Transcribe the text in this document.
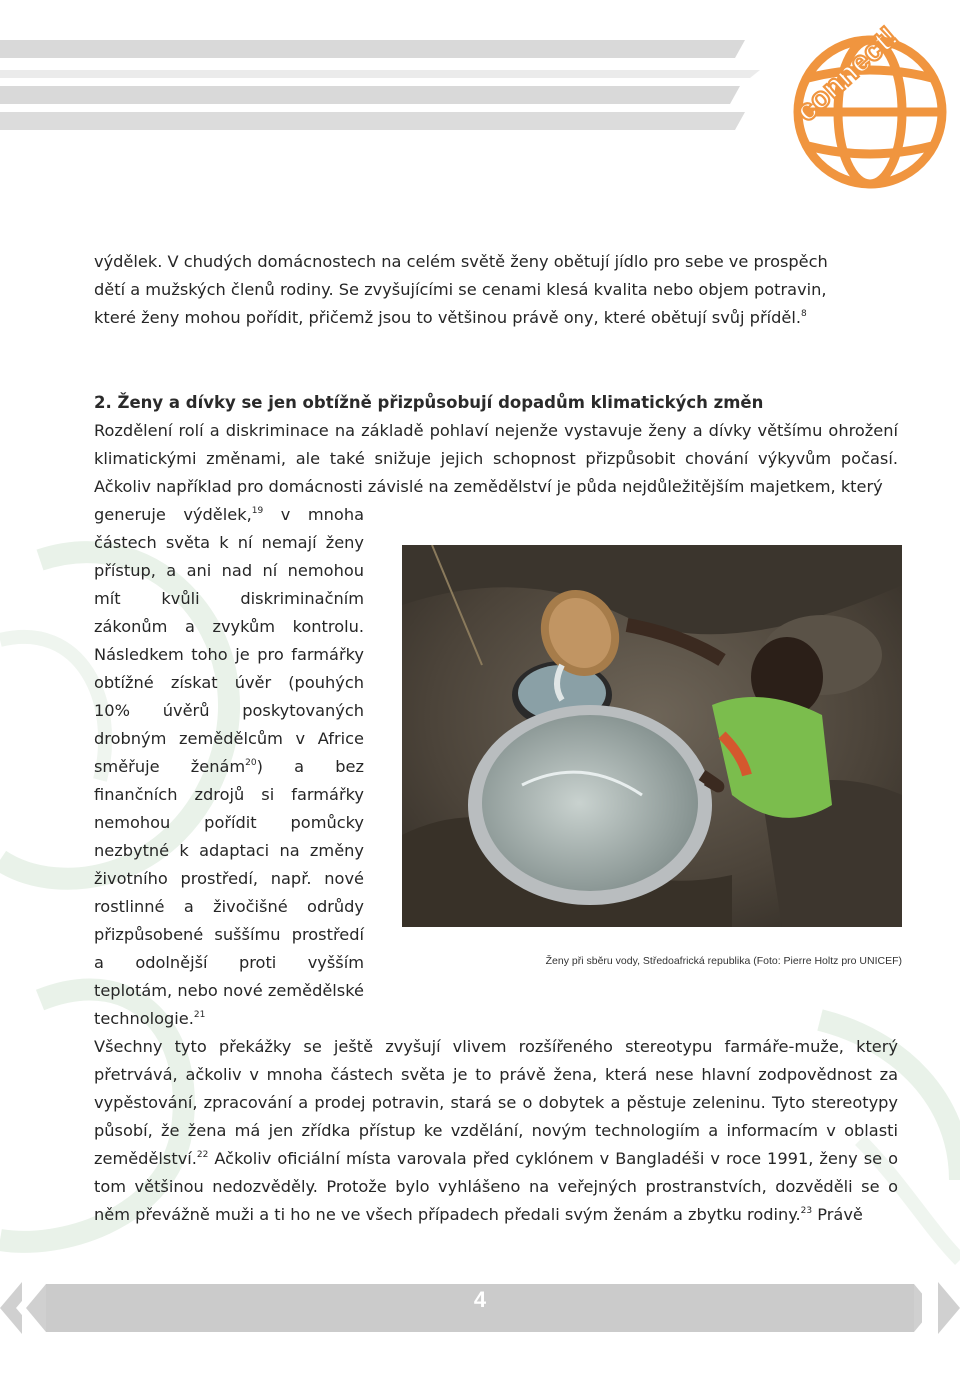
connect!
výdělek. V chudých domácnostech na celém světě ženy obětují jídlo pro sebe ve prospěch
dětí a mužských členů rodiny. Se zvyšujícími se cenami klesá kvalita nebo objem potravin,
které ženy mohou pořídit, přičemž jsou to většinou právě ony, které obětují svůj příděl.$^8$
2. Ženy a dívky se jen obtížně přizpůsobují dopadům klimatických změn
Rozdělení rolí a diskriminace na základě pohlaví nejenže vystavuje ženy a dívky většímu ohrožení klimatickými změnami, ale také snižuje jejich schopnost přizpůsobit chování výkyvům počasí. Ačkoliv například pro domácnosti závislé na zemědělství je půda nejdůležitějším majetkem, který
generuje výdělek,$^{19}$ v mnoha částech světa k ní nemají ženy přístup, a ani nad ní nemohou mít kvůli diskriminačním zákonům a zvykům kontrolu. Následkem toho je pro farmářky obtížné získat úvěr (pouhých 10% úvěrů poskytovaných drobným zemědělcům v Africe směřuje ženám$^{20}$) a bez finančních zdrojů si farmářky nemohou pořídit pomůcky nezbytné k adaptaci na změny životního prostředí, např. nové rostlinné a živočišné odrůdy přizpůsobené suššímu prostředí a odolnější proti vyšším teplotám, nebo nové zemědělské technologie.$^{21}$
Ženy při sběru vody, Středoafrická republika (Foto: Pierre Holtz pro UNICEF)
Všechny tyto překážky se ještě zvyšují vlivem rozšířeného stereotypu farmáře-muže, který přetrvává, ačkoliv v mnoha částech světa je to právě žena, která nese hlavní zodpovědnost za vypěstování, zpracování a prodej potravin, stará se o dobytek a pěstuje zeleninu. Tyto stereotypy působí, že žena má jen zřídka přístup ke vzdělání, novým technologiím a informacím v oblasti zemědělství.$^{22}$ Ačkoliv oficiální místa varovala před cyklónem v Bangladéši v roce 1991, ženy se o tom většinou nedozvěděly. Protože bylo vyhlášeno na veřejných prostranstvích, dozvěděli se o něm převážně muži a ti ho ne ve všech případech předali svým ženám a zbytku rodiny.$^{23}$ Právě
4
